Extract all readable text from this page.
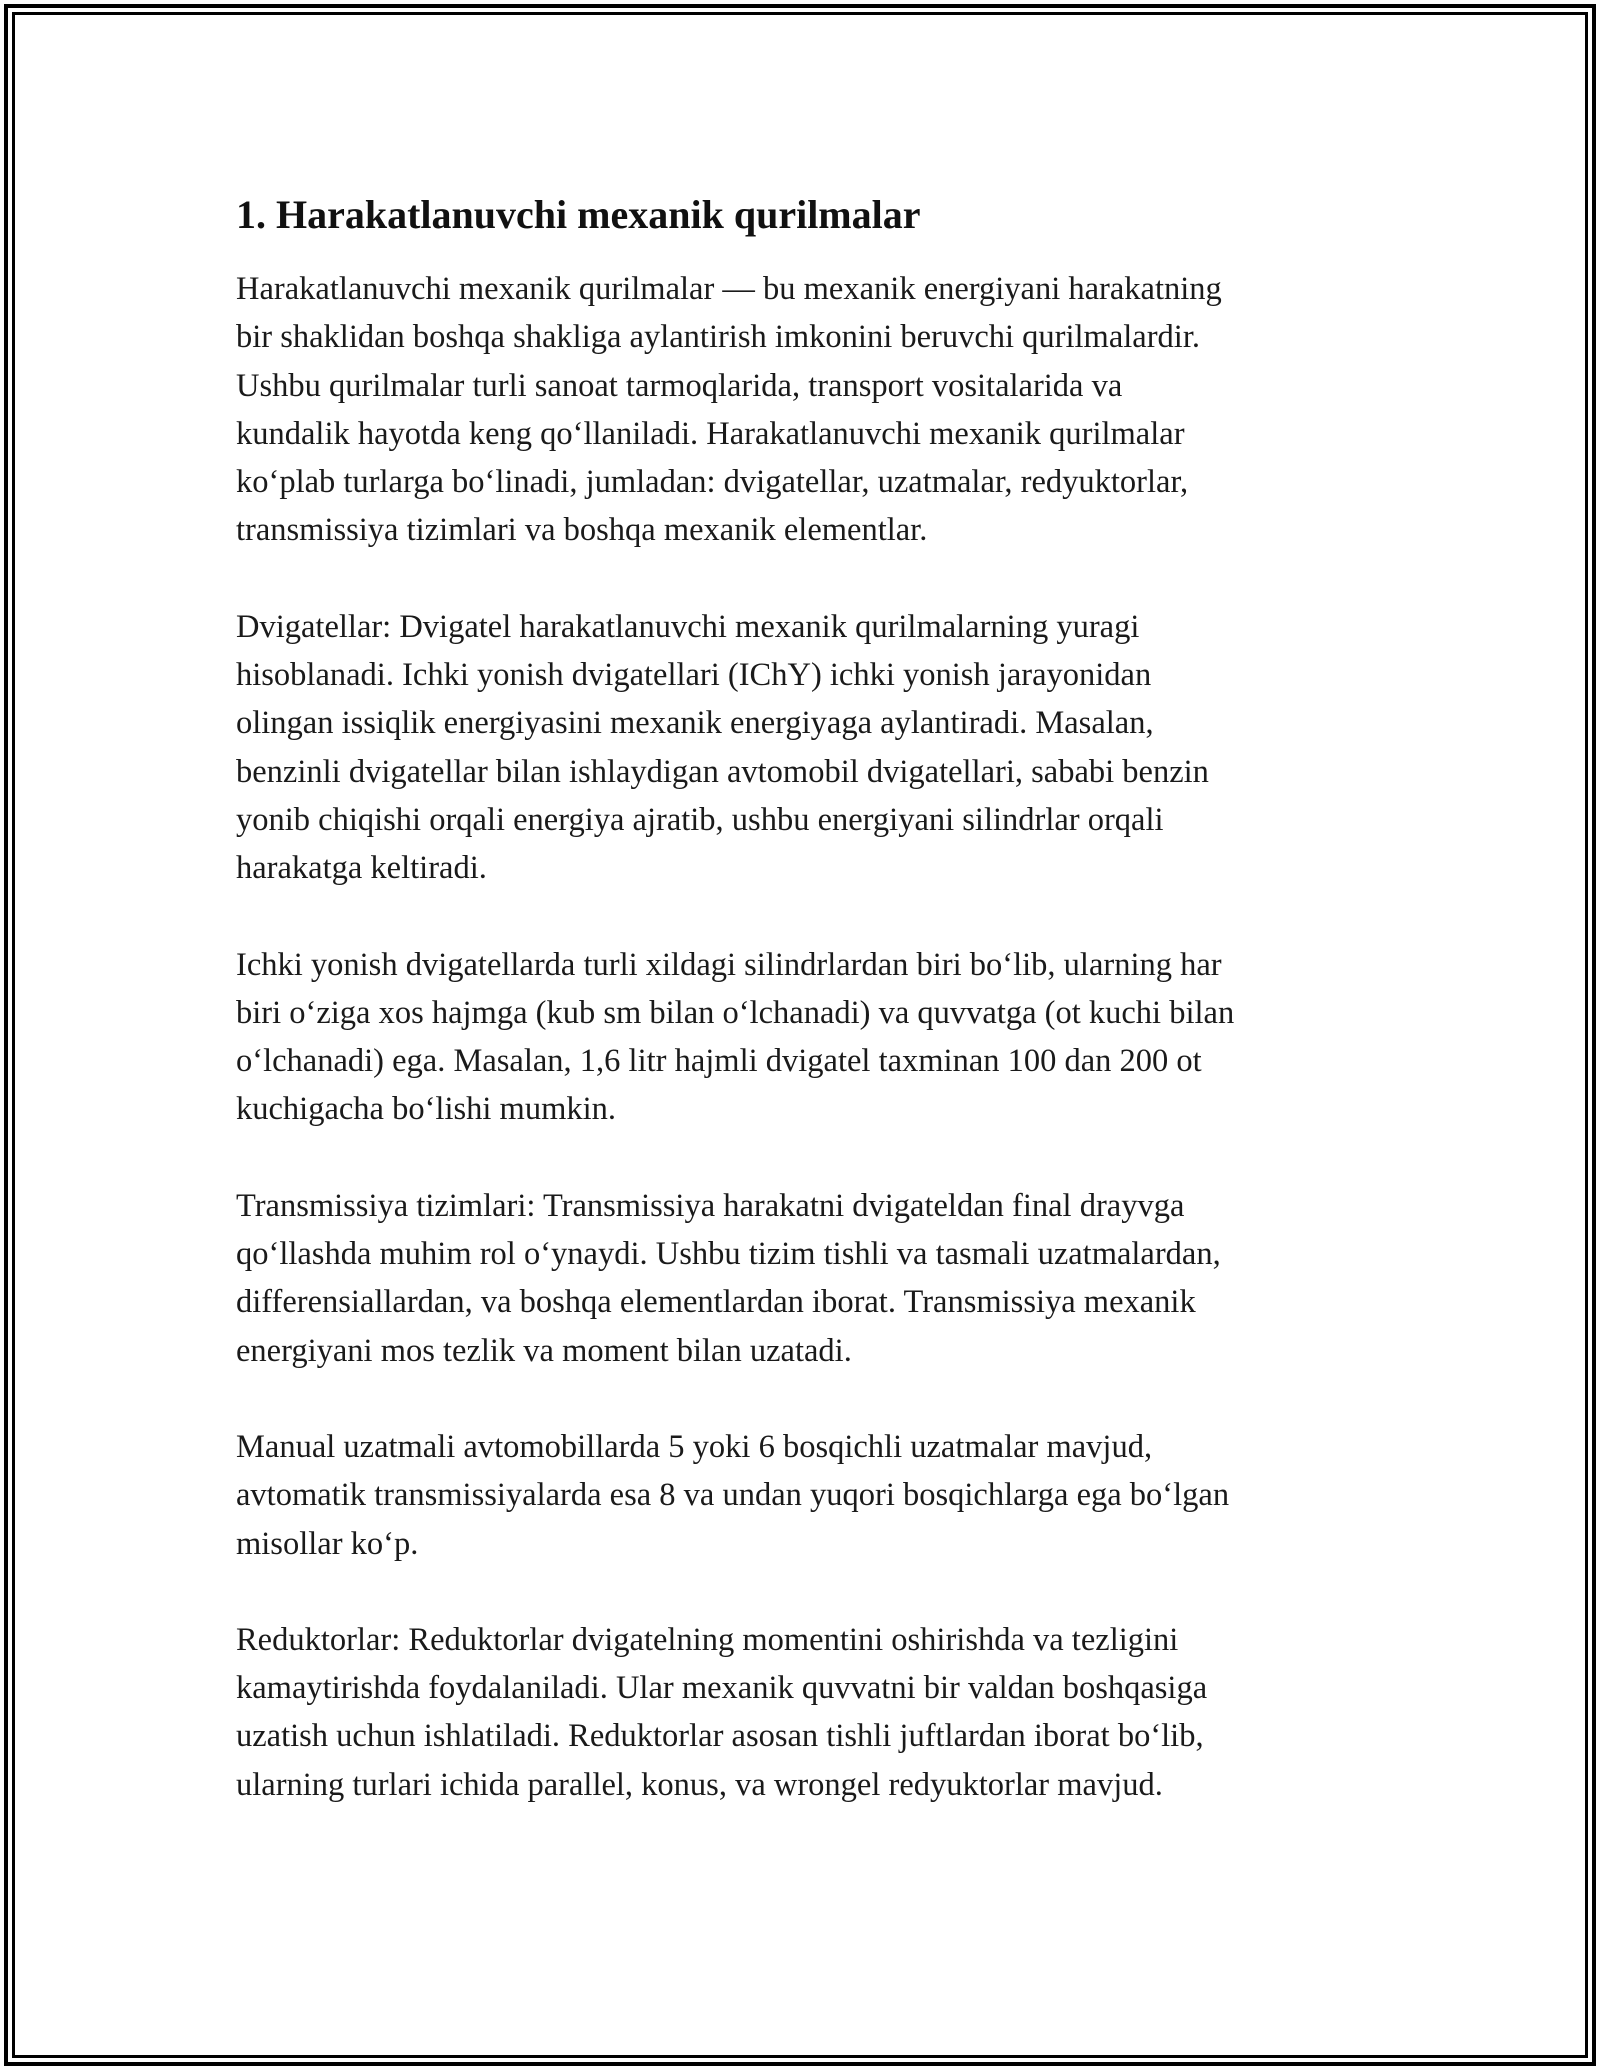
1. Harakatlanuvchi mexanik qurilmalar

Harakatlanuvchi mexanik qurilmalar — bu mexanik energiyani harakatning
bir shaklidan boshqa shakliga aylantirish imkonini beruvchi qurilmalardir.
Ushbu qurilmalar turli sanoat tarmoqlarida, transport vositalarida va
kundalik hayotda keng qo‘llaniladi. Harakatlanuvchi mexanik qurilmalar
ko‘plab turlarga bo‘linadi, jumladan: dvigatellar, uzatmalar, redyuktorlar,
transmissiya tizimlari va boshqa mexanik elementlar.

Dvigatellar: Dvigatel harakatlanuvchi mexanik qurilmalarning yuragi
hisoblanadi. Ichki yonish dvigatellari (IChY) ichki yonish jarayonidan
olingan issiqlik energiyasini mexanik energiyaga aylantiradi. Masalan,
benzinli dvigatellar bilan ishlaydigan avtomobil dvigatellari, sababi benzin
yonib chiqishi orqali energiya ajratib, ushbu energiyani silindrlar orqali
harakatga keltiradi.

Ichki yonish dvigatellarda turli xildagi silindrlardan biri bo‘lib, ularning har
biri o‘ziga xos hajmga (kub sm bilan o‘lchanadi) va quvvatga (ot kuchi bilan
o‘lchanadi) ega. Masalan, 1,6 litr hajmli dvigatel taxminan 100 dan 200 ot
kuchigacha bo‘lishi mumkin.

Transmissiya tizimlari: Transmissiya harakatni dvigateldan final drayvga
qo‘llashda muhim rol o‘ynaydi. Ushbu tizim tishli va tasmali uzatmalardan,
differensiallardan, va boshqa elementlardan iborat. Transmissiya mexanik
energiyani mos tezlik va moment bilan uzatadi.

Manual uzatmali avtomobillarda 5 yoki 6 bosqichli uzatmalar mavjud,
avtomatik transmissiyalarda esa 8 va undan yuqori bosqichlarga ega bo‘lgan
misollar ko‘p.

Reduktorlar: Reduktorlar dvigatelning momentini oshirishda va tezligini
kamaytirishda foydalaniladi. Ular mexanik quvvatni bir valdan boshqasiga
uzatish uchun ishlatiladi. Reduktorlar asosan tishli juftlardan iborat bo‘lib,
ularning turlari ichida parallel, konus, va wrongel redyuktorlar mavjud.
